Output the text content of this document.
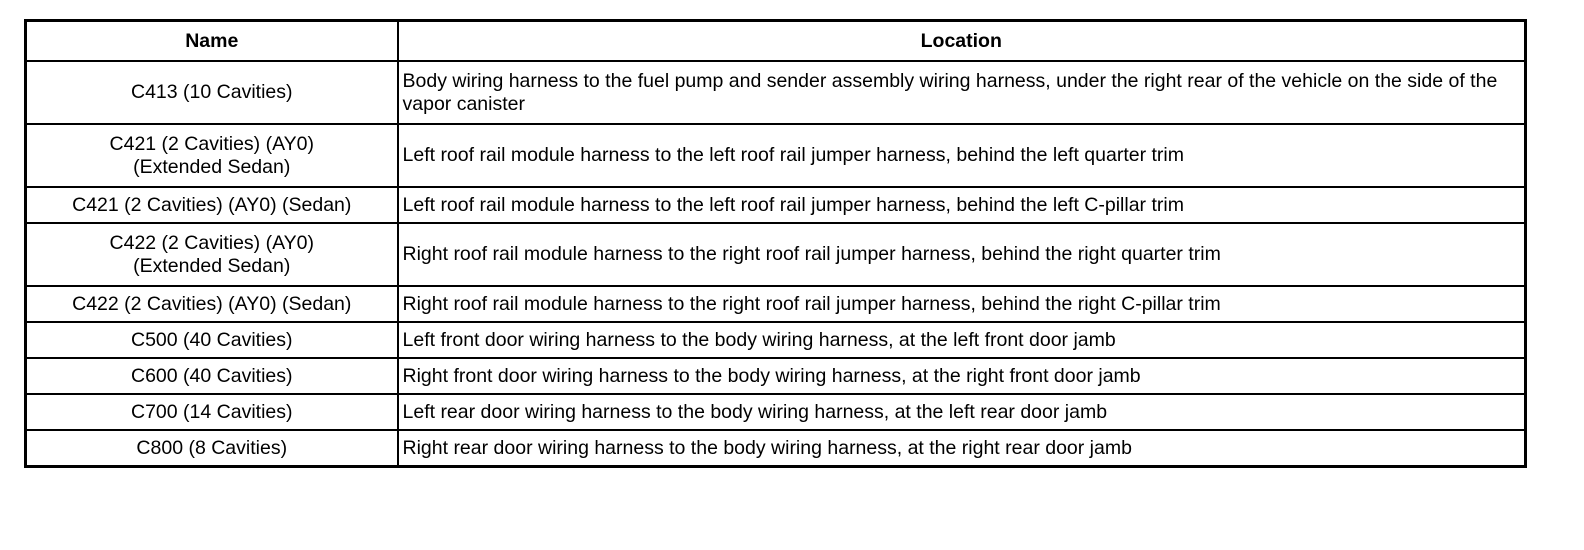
Name	Location
C413 (10 Cavities)	Body wiring harness to the fuel pump and sender assembly wiring harness, under the right rear of the vehicle on the side of the vapor canister
C421 (2 Cavities) (AY0)
(Extended Sedan)	Left roof rail module harness to the left roof rail jumper harness, behind the left quarter trim
C421 (2 Cavities) (AY0) (Sedan)	Left roof rail module harness to the left roof rail jumper harness, behind the left C-pillar trim
C422 (2 Cavities) (AY0)
(Extended Sedan)	Right roof rail module harness to the right roof rail jumper harness, behind the right quarter trim
C422 (2 Cavities) (AY0) (Sedan)	Right roof rail module harness to the right roof rail jumper harness, behind the right C-pillar trim
C500 (40 Cavities)	Left front door wiring harness to the body wiring harness, at the left front door jamb
C600 (40 Cavities)	Right front door wiring harness to the body wiring harness, at the right front door jamb
C700 (14 Cavities)	Left rear door wiring harness to the body wiring harness, at the left rear door jamb
C800 (8 Cavities)	Right rear door wiring harness to the body wiring harness, at the right rear door jamb
